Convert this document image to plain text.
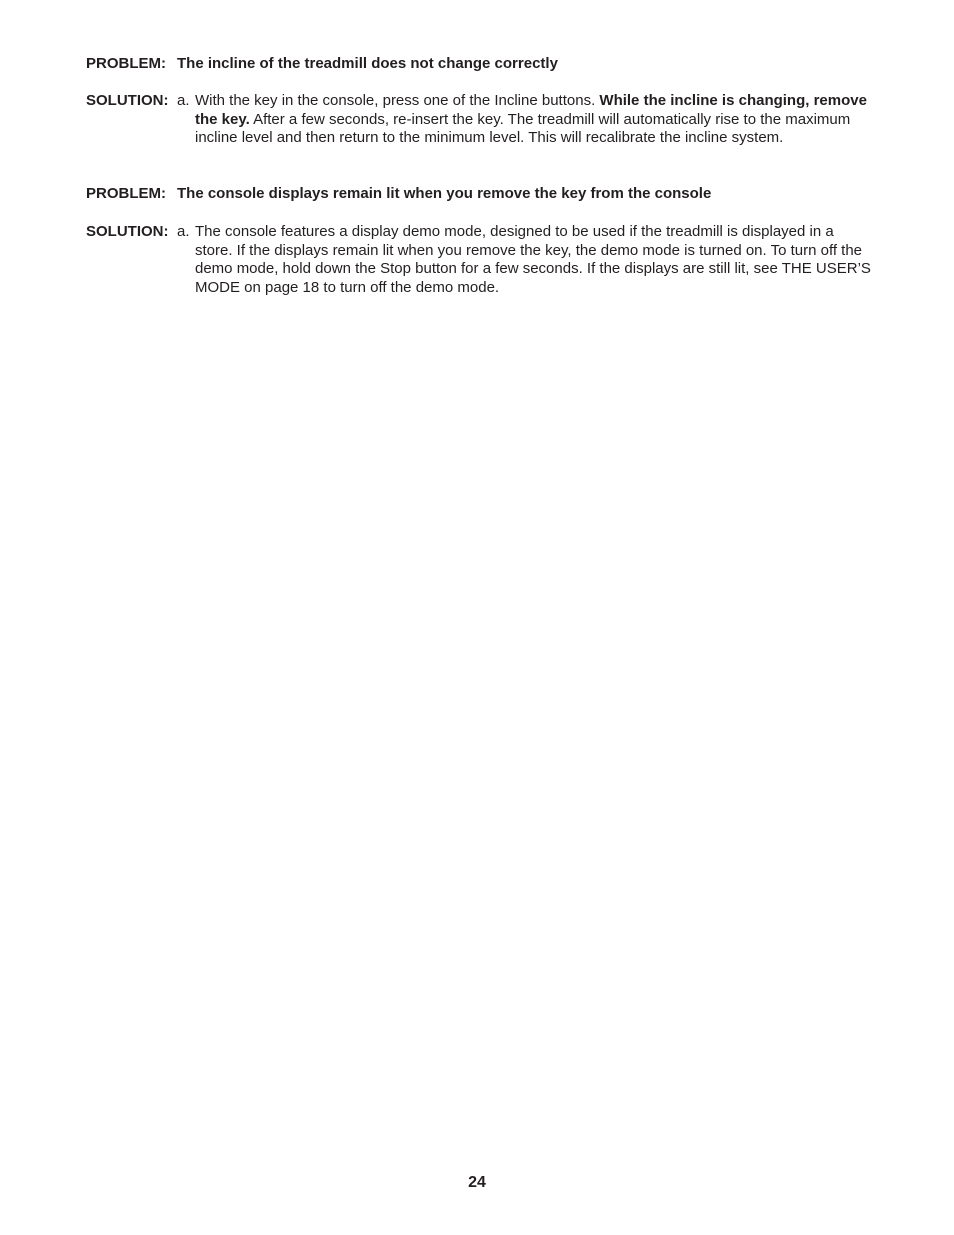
PROBLEM: The incline of the treadmill does not change correctly
SOLUTION: a. With the key in the console, press one of the Incline buttons. While the incline is changing, remove the key. After a few seconds, re-insert the key. The treadmill will automatically rise to the maximum incline level and then return to the minimum level. This will recalibrate the incline system.
PROBLEM: The console displays remain lit when you remove the key from the console
SOLUTION: a. The console features a display demo mode, designed to be used if the treadmill is displayed in a store. If the displays remain lit when you remove the key, the demo mode is turned on. To turn off the demo mode, hold down the Stop button for a few seconds. If the displays are still lit, see THE USER’S MODE on page 18 to turn off the demo mode.
24
